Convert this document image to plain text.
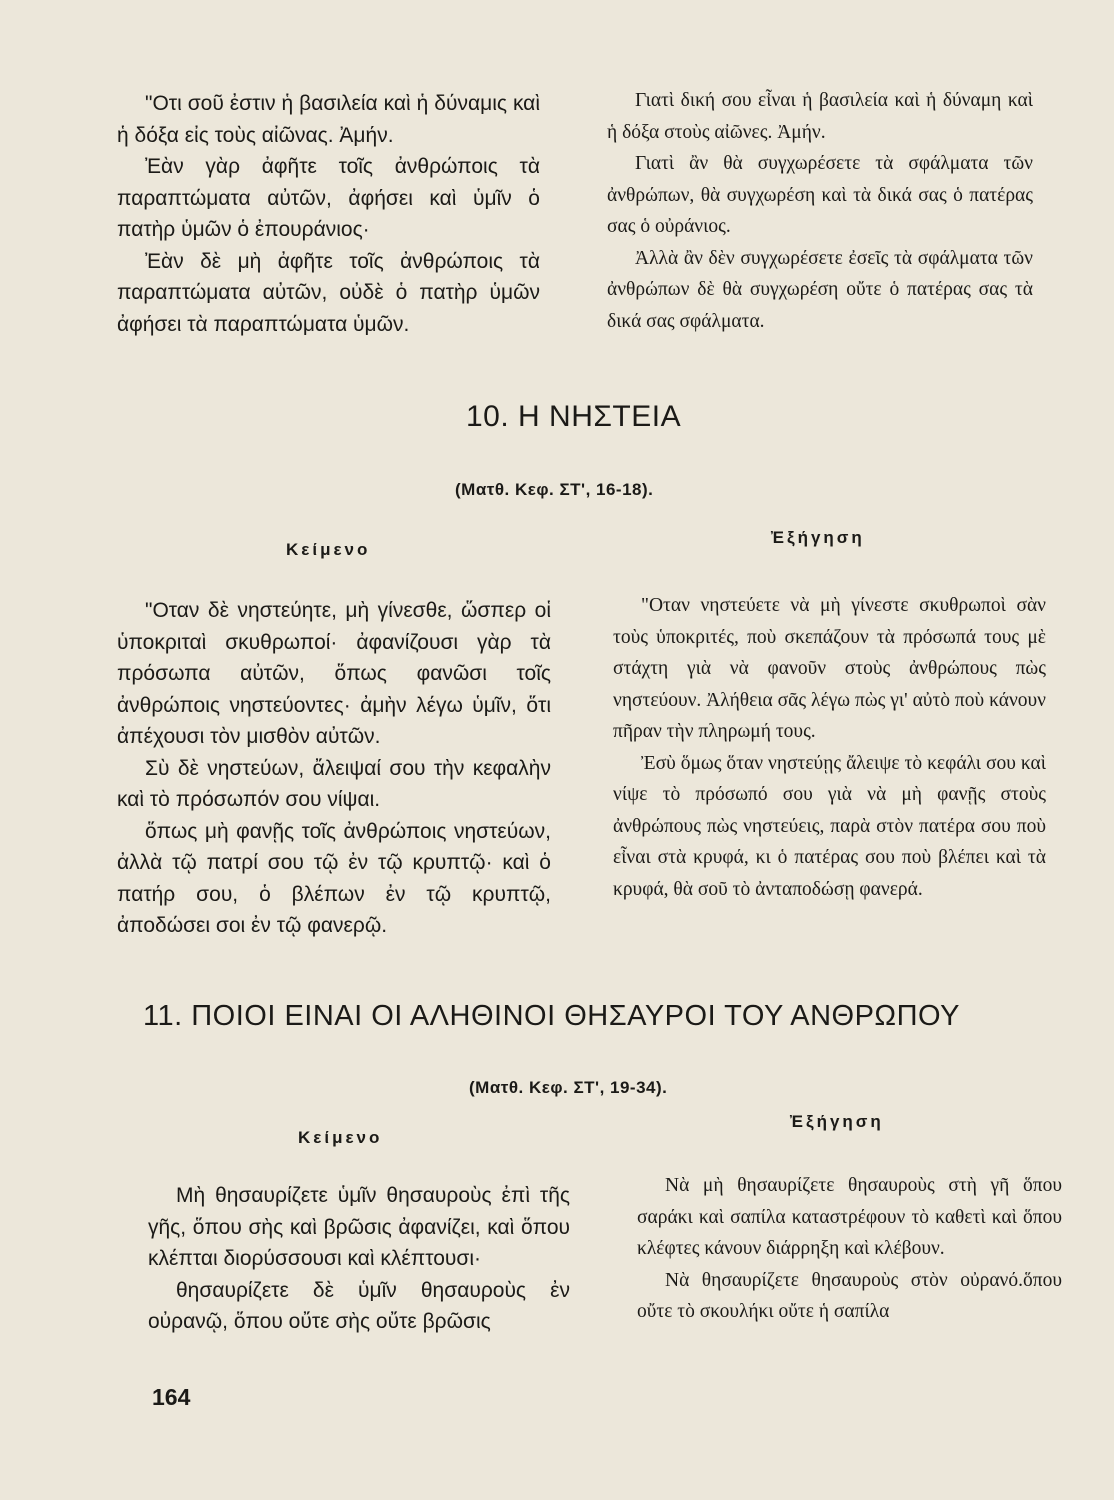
"Οτι σοῦ ἐστιν ἡ βασιλεία καὶ ἡ δύναμις καὶ ἡ δόξα εἰς τοὺς αἰῶνας. Ἀμήν.

Ἐὰν γὰρ ἀφῆτε τοῖς ἀνθρώποις τὰ παραπτώματα αὐτῶν, ἀφήσει καὶ ὑμῖν ὁ πατὴρ ὑμῶν ὁ ἐπουράνιος·

Ἐὰν δὲ μὴ ἀφῆτε τοῖς ἀνθρώποις τὰ παραπτώματα αὐτῶν, οὐδὲ ὁ πατὴρ ὑμῶν ἀφήσει τὰ παραπτώματα ὑμῶν.

Γιατὶ δική σου εἶναι ἡ βασιλεία καὶ ἡ δύναμη καὶ ἡ δόξα στοὺς αἰῶνες. Ἀμήν.

Γιατὶ ἂν θὰ συγχωρέσετε τὰ σφάλματα τῶν ἀνθρώπων, θὰ συγχωρέση καὶ τὰ δικά σας ὁ πατέρας σας ὁ οὐράνιος.

Ἀλλὰ ἂν δὲν συγχωρέσετε ἐσεῖς τὰ σφάλματα τῶν ἀνθρώπων δὲ θὰ συγχωρέση οὔτε ὁ πατέρας σας τὰ δικά σας σφάλματα.

10. Η ΝΗΣΤΕΙΑ
(Ματθ. Κεφ. ΣΤ', 16-18).
Κείμενο
Ἐξήγηση

"Οταν δὲ νηστεύητε, μὴ γίνεσθε, ὥσπερ οἱ ὑποκριταὶ σκυθρωποί· ἀφανίζουσι γὰρ τὰ πρόσωπα αὐτῶν, ὅπως φανῶσι τοῖς ἀνθρώποις νηστεύοντες· ἀμὴν λέγω ὑμῖν, ὅτι ἀπέχουσι τὸν μισθὸν αὐτῶν.

Σὺ δὲ νηστεύων, ἄλειψαί σου τὴν κεφαλὴν καὶ τὸ πρόσωπόν σου νίψαι.

ὅπως μὴ φανῇς τοῖς ἀνθρώποις νηστεύων, ἀλλὰ τῷ πατρί σου τῷ ἐν τῷ κρυπτῷ· καὶ ὁ πατήρ σου, ὁ βλέπων ἐν τῷ κρυπτῷ, ἀποδώσει σοι ἐν τῷ φανερῷ.

"Οταν νηστεύετε νὰ μὴ γίνεστε σκυθρωποὶ σὰν τοὺς ὑποκριτές, ποὺ σκεπάζουν τὰ πρόσωπά τους μὲ στάχτη γιὰ νὰ φανοῦν στοὺς ἀνθρώπους πὼς νηστεύουν. Ἀλήθεια σᾶς λέγω πὼς γι' αὐτὸ ποὺ κάνουν πῆραν τὴν πληρωμή τους.

Ἐσὺ ὅμως ὅταν νηστεύῃς ἄλειψε τὸ κεφάλι σου καὶ νίψε τὸ πρόσωπό σου γιὰ νὰ μὴ φανῇς στοὺς ἀνθρώπους πὼς νηστεύεις, παρὰ στὸν πατέρα σου ποὺ εἶναι στὰ κρυφά, κι ὁ πατέρας σου ποὺ βλέπει καὶ τὰ κρυφά, θὰ σοῦ τὸ ἀνταποδώσῃ φανερά.

11. ΠΟΙΟΙ ΕΙΝΑΙ ΟΙ ΑΛΗΘΙΝΟΙ ΘΗΣΑΥΡΟΙ ΤΟΥ ΑΝΘΡΩΠΟΥ
(Ματθ. Κεφ. ΣΤ', 19-34).
Κείμενο
Ἐξήγηση

Μὴ θησαυρίζετε ὑμῖν θησαυροὺς ἐπὶ τῆς γῆς, ὅπου σὴς καὶ βρῶσις ἀφανίζει, καὶ ὅπου κλέπται διορύσσουσι καὶ κλέπτουσι·

θησαυρίζετε δὲ ὑμῖν θησαυροὺς ἐν οὐρανῷ, ὅπου οὔτε σὴς οὔτε βρῶσις

Νὰ μὴ θησαυρίζετε θησαυροὺς στὴ γῆ ὅπου σαράκι καὶ σαπίλα καταστρέφουν τὸ καθετὶ καὶ ὅπου κλέφτες κάνουν διάρρηξη καὶ κλέβουν.

Νὰ θησαυρίζετε θησαυροὺς στὸν οὐρανό.ὅπου οὔτε τὸ σκουλήκι οὔτε ἡ σαπίλα

164
